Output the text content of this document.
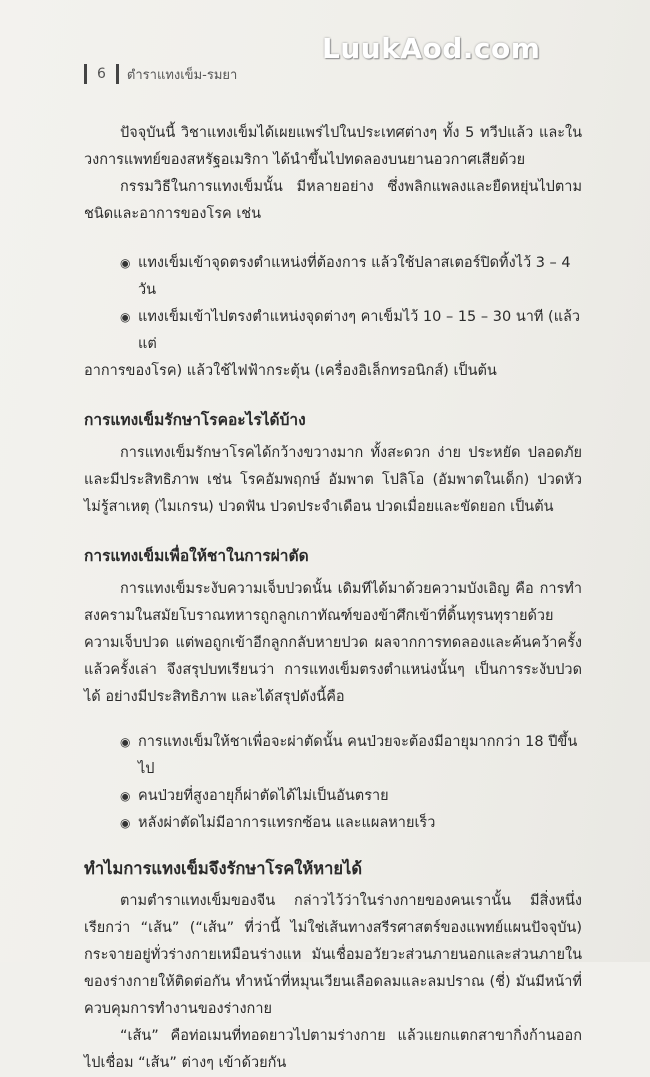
LuukAod.com
6 ตำราแทงเข็ม-รมยา

ปัจจุบันนี้ วิชาแทงเข็มได้เผยแพร่ไปในประเทศต่างๆ ทั้ง 5 ทวีปแล้ว และในวงการแพทย์ของสหรัฐอเมริกา ได้นำขึ้นไปทดลองบนยานอวกาศเสียด้วย

กรรมวิธีในการแทงเข็มนั้น มีหลายอย่าง ซึ่งพลิกแพลงและยืดหยุ่นไปตามชนิดและอาการของโรค เช่น

◉ แทงเข็มเข้าจุดตรงตำแหน่งที่ต้องการ แล้วใช้ปลาสเตอร์ปิดทิ้งไว้ 3 – 4 วัน
◉ แทงเข็มเข้าไปตรงตำแหน่งจุดต่างๆ คาเข็มไว้ 10 – 15 – 30 นาที (แล้วแต่

อาการของโรค) แล้วใช้ไฟฟ้ากระตุ้น (เครื่องอิเล็กทรอนิกส์) เป็นต้น

การแทงเข็มรักษาโรคอะไรได้บ้าง

การแทงเข็มรักษาโรคได้กว้างขวางมาก ทั้งสะดวก ง่าย ประหยัด ปลอดภัย และมีประสิทธิภาพ เช่น โรคอัมพฤกษ์ อัมพาต โปลิโอ (อัมพาตในเด็ก) ปวดหัวไม่รู้สาเหตุ (ไมเกรน) ปวดฟัน ปวดประจำเดือน ปวดเมื่อยและขัดยอก เป็นต้น

การแทงเข็มเพื่อให้ชาในการผ่าตัด

การแทงเข็มระงับความเจ็บปวดนั้น เดิมทีได้มาด้วยความบังเอิญ คือ การทำสงครามในสมัยโบราณทหารถูกลูกเกาทัณฑ์ของข้าศึกเข้าที่ดิ้นทุรนทุรายด้วยความเจ็บปวด แต่พอถูกเข้าอีกลูกกลับหายปวด ผลจากการทดลองและค้นคว้าครั้งแล้วครั้งเล่า จึงสรุปบทเรียนว่า การแทงเข็มตรงตำแหน่งนั้นๆ เป็นการระงับปวดได้ อย่างมีประสิทธิภาพ และได้สรุปดังนี้คือ

◉ การแทงเข็มให้ชาเพื่อจะผ่าตัดนั้น คนป่วยจะต้องมีอายุมากกว่า 18 ปีขึ้นไป
◉ คนป่วยที่สูงอายุก็ผ่าตัดได้ไม่เป็นอันตราย
◉ หลังผ่าตัดไม่มีอาการแทรกซ้อน และแผลหายเร็ว
ทำไมการแทงเข็มจึงรักษาโรคให้หายได้

ตามตำราแทงเข็มของจีน กล่าวไว้ว่าในร่างกายของคนเรานั้น มีสิ่งหนึ่งเรียกว่า “เส้น” (“เส้น” ที่ว่านี้ ไม่ใช่เส้นทางสรีรศาสตร์ของแพทย์แผนปัจจุบัน) กระจายอยู่ทั่วร่างกายเหมือนร่างแห มันเชื่อมอวัยวะส่วนภายนอกและส่วนภายในของร่างกายให้ติดต่อกัน ทำหน้าที่หมุนเวียนเลือดลมและลมปราณ (ชี่) มันมีหน้าที่ควบคุมการทำงานของร่างกาย

“เส้น” คือท่อเมนที่ทอดยาวไปตามร่างกาย แล้วแยกแตกสาขากิ่งก้านออกไปเชื่อม “เส้น” ต่างๆ เข้าด้วยกัน
